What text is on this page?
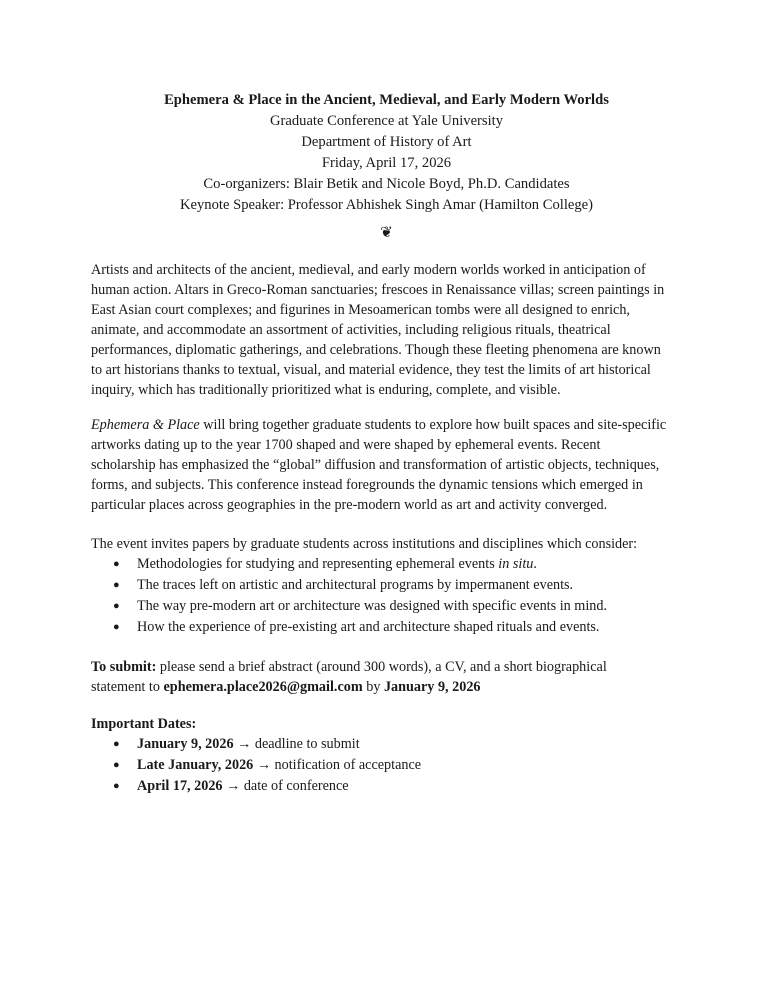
Ephemera & Place in the Ancient, Medieval, and Early Modern Worlds
Graduate Conference at Yale University
Department of History of Art
Friday, April 17, 2026
Co-organizers: Blair Betik and Nicole Boyd, Ph.D. Candidates
Keynote Speaker: Professor Abhishek Singh Amar (Hamilton College)
❦
Artists and architects of the ancient, medieval, and early modern worlds worked in anticipation of
human action. Altars in Greco-Roman sanctuaries; frescoes in Renaissance villas; screen paintings in
East Asian court complexes; and figurines in Mesoamerican tombs were all designed to enrich,
animate, and accommodate an assortment of activities, including religious rituals, theatrical
performances, diplomatic gatherings, and celebrations. Though these fleeting phenomena are known
to art historians thanks to textual, visual, and material evidence, they test the limits of art historical
inquiry, which has traditionally prioritized what is enduring, complete, and visible.
Ephemera & Place will bring together graduate students to explore how built spaces and site-specific
artworks dating up to the year 1700 shaped and were shaped by ephemeral events. Recent
scholarship has emphasized the “global” diffusion and transformation of artistic objects, techniques,
forms, and subjects. This conference instead foregrounds the dynamic tensions which emerged in
particular places across geographies in the pre-modern world as art and activity converged.
The event invites papers by graduate students across institutions and disciplines which consider:
● Methodologies for studying and representing ephemeral events in situ.
● The traces left on artistic and architectural programs by impermanent events.
● The way pre-modern art or architecture was designed with specific events in mind.
● How the experience of pre-existing art and architecture shaped rituals and events.
To submit: please send a brief abstract (around 300 words), a CV, and a short biographical
statement to ephemera.place2026@gmail.com by January 9, 2026
Important Dates:
● January 9, 2026 → deadline to submit
● Late January, 2026 → notification of acceptance
● April 17, 2026 → date of conference
